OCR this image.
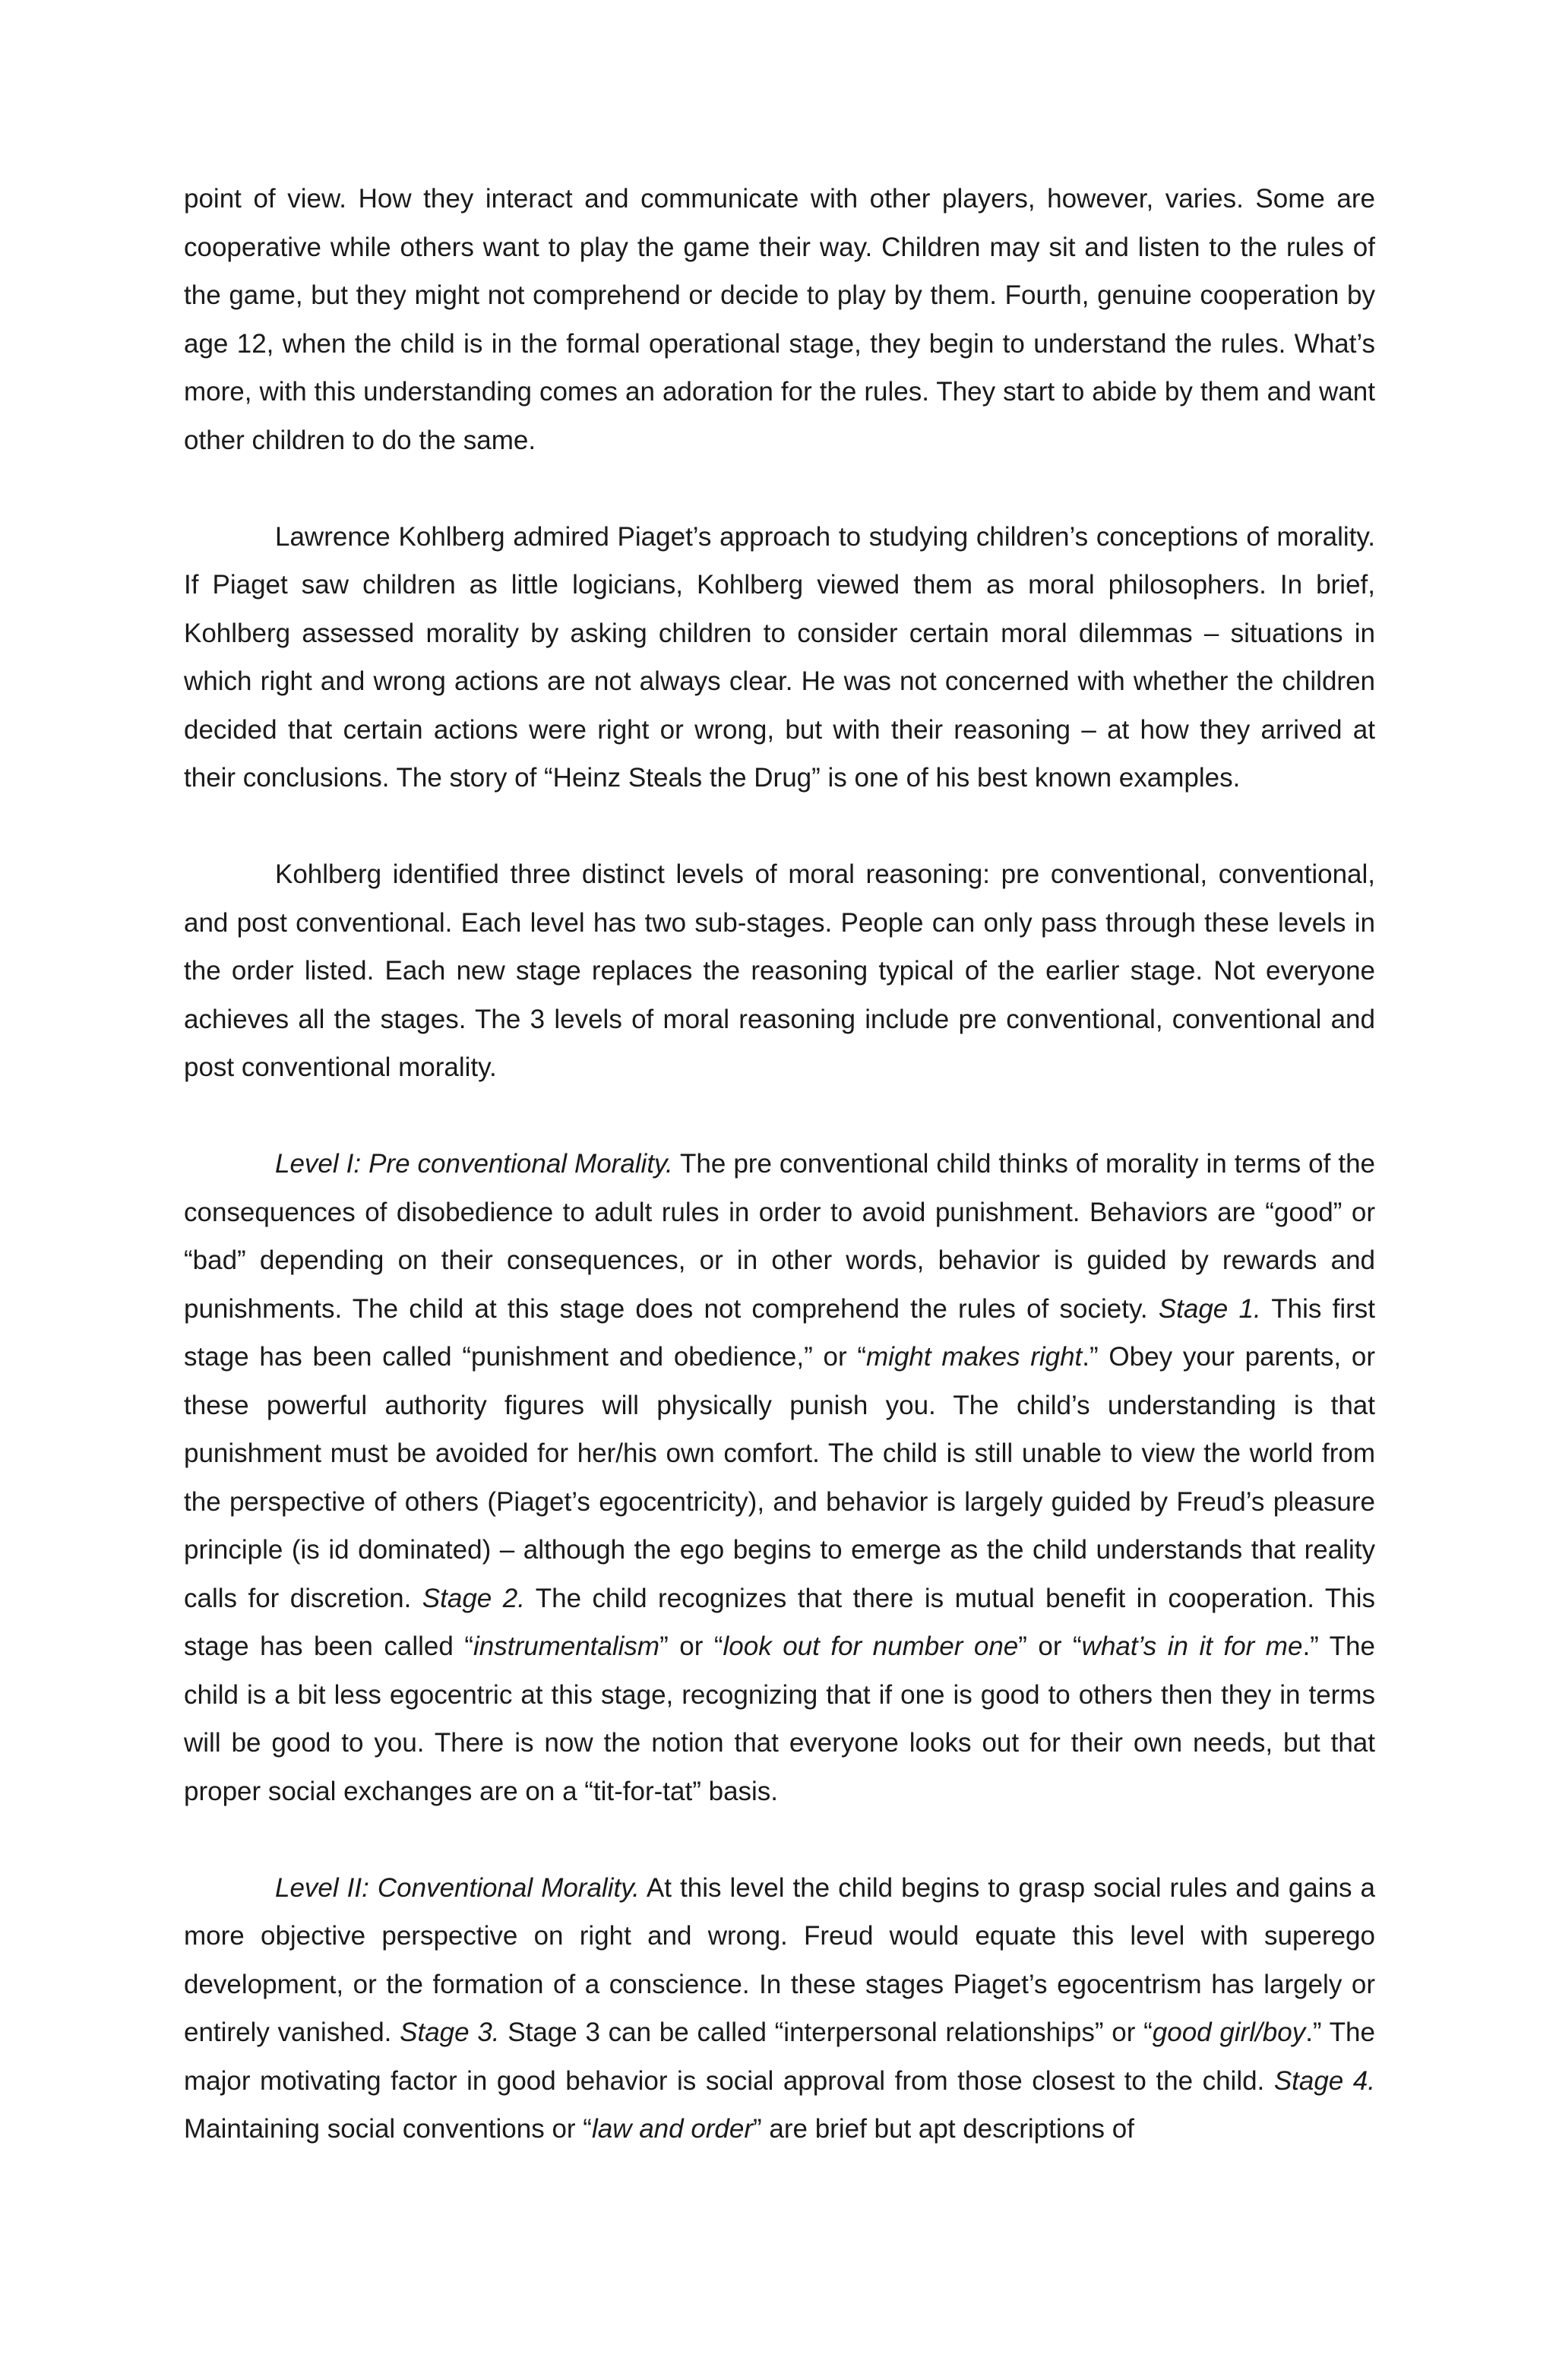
point of view. How they interact and communicate with other players, however, varies. Some are cooperative while others want to play the game their way. Children may sit and listen to the rules of the game, but they might not comprehend or decide to play by them. Fourth, genuine cooperation by age 12, when the child is in the formal operational stage, they begin to understand the rules. What’s more, with this understanding comes an adoration for the rules. They start to abide by them and want other children to do the same.

Lawrence Kohlberg admired Piaget’s approach to studying children’s conceptions of morality. If Piaget saw children as little logicians, Kohlberg viewed them as moral philosophers. In brief, Kohlberg assessed morality by asking children to consider certain moral dilemmas – situations in which right and wrong actions are not always clear. He was not concerned with whether the children decided that certain actions were right or wrong, but with their reasoning – at how they arrived at their conclusions. The story of “Heinz Steals the Drug” is one of his best known examples.

Kohlberg identified three distinct levels of moral reasoning: pre conventional, conventional, and post conventional. Each level has two sub-stages. People can only pass through these levels in the order listed. Each new stage replaces the reasoning typical of the earlier stage. Not everyone achieves all the stages. The 3 levels of moral reasoning include pre conventional, conventional and post conventional morality.

Level I: Pre conventional Morality. The pre conventional child thinks of morality in terms of the consequences of disobedience to adult rules in order to avoid punishment. Behaviors are “good” or “bad” depending on their consequences, or in other words, behavior is guided by rewards and punishments. The child at this stage does not comprehend the rules of society. Stage 1. This first stage has been called “punishment and obedience,” or “might makes right.” Obey your parents, or these powerful authority figures will physically punish you. The child’s understanding is that punishment must be avoided for her/his own comfort. The child is still unable to view the world from the perspective of others (Piaget’s egocentricity), and behavior is largely guided by Freud’s pleasure principle (is id dominated) – although the ego begins to emerge as the child understands that reality calls for discretion. Stage 2. The child recognizes that there is mutual benefit in cooperation. This stage has been called “instrumentalism” or “look out for number one” or “what’s in it for me.” The child is a bit less egocentric at this stage, recognizing that if one is good to others then they in terms will be good to you. There is now the notion that everyone looks out for their own needs, but that proper social exchanges are on a “tit-for-tat” basis.

Level II: Conventional Morality. At this level the child begins to grasp social rules and gains a more objective perspective on right and wrong. Freud would equate this level with superego development, or the formation of a conscience. In these stages Piaget’s egocentrism has largely or entirely vanished. Stage 3. Stage 3 can be called “interpersonal relationships” or “good girl/boy.” The major motivating factor in good behavior is social approval from those closest to the child. Stage 4. Maintaining social conventions or “law and order” are brief but apt descriptions of
